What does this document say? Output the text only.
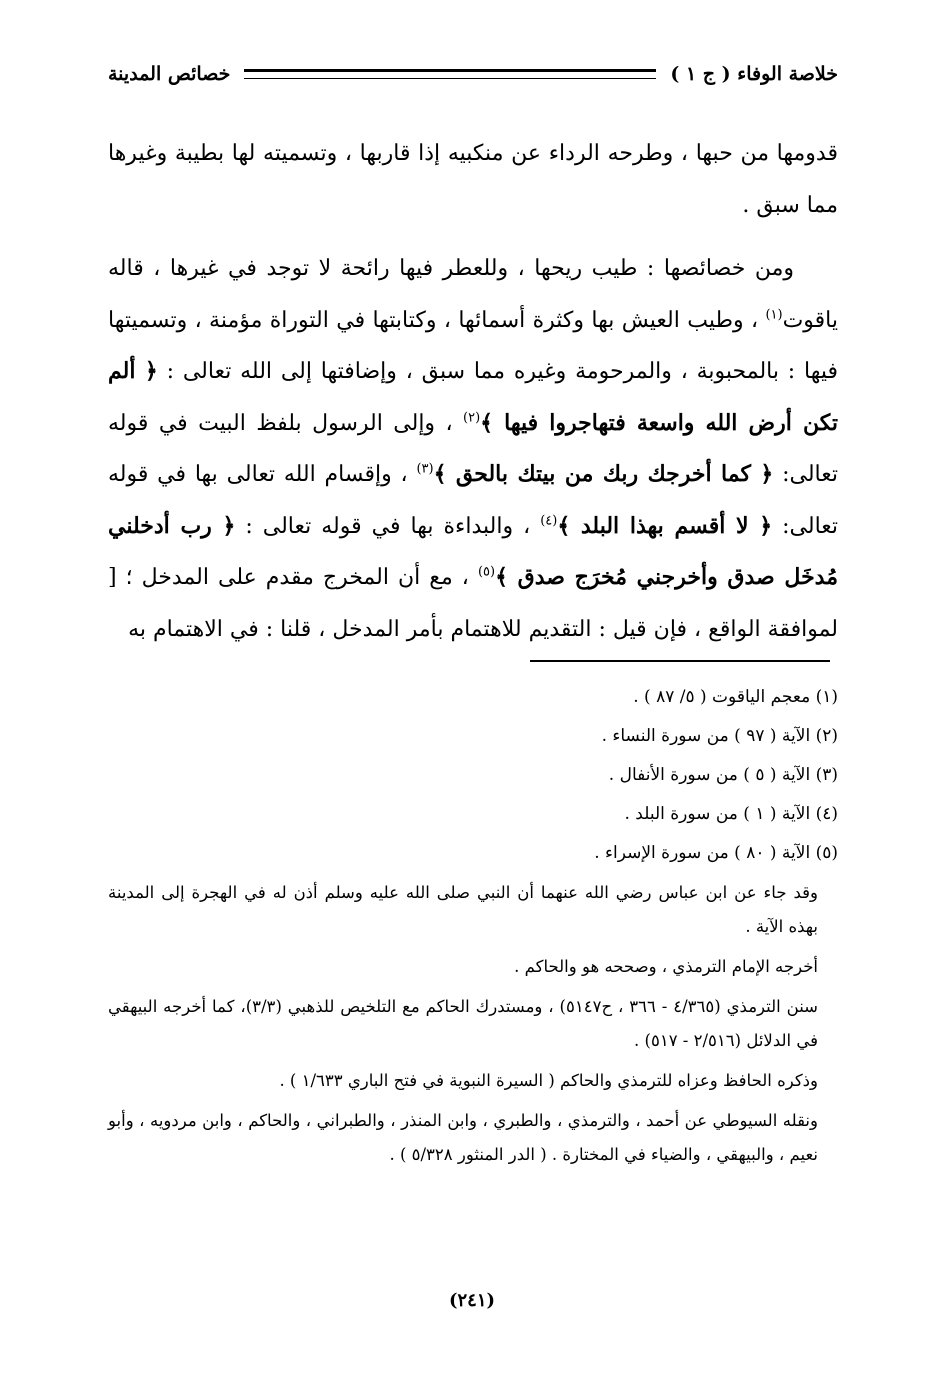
خلاصة الوفاء ( ج ١ )
خصائص المدينة

قدومها من حبها ، وطرحه الرداء عن منكبيه إذا قاربها ، وتسميته لها بطيبة وغيرها مما سبق .

ومن خصائصها : طيب ريحها ، وللعطر فيها رائحة لا توجد في غيرها ، قاله ياقوت$^{(١)}$ ، وطيب العيش بها وكثرة أسمائها ، وكتابتها في التوراة مؤمنة ، وتسميتها فيها : بالمحبوبة ، والمرحومة وغيره مما سبق ، وإضافتها إلى الله تعالى : ﴿ ألم تكن أرض الله واسعة فتهاجروا فيها ﴾$^{(٢)}$ ، وإلى الرسول بلفظ البيت في قوله تعالى: ﴿ كما أخرجك ربك من بيتك بالحق ﴾$^{(٣)}$ ، وإقسام الله تعالى بها في قوله تعالى: ﴿ لا أقسم بهذا البلد ﴾$^{(٤)}$ ، والبداءة بها في قوله تعالى : ﴿ رب أدخلني مُدخَل صدق وأخرجني مُخرَج صدق ﴾$^{(٥)}$ ، مع أن المخرج مقدم على المدخل ؛ [ لموافقة الواقع ، فإن قيل : التقديم للاهتمام بأمر المدخل ، قلنا : في الاهتمام به

(١) معجم الياقوت ( ٥/ ٨٧ ) .

(٢) الآية ( ٩٧ ) من سورة النساء .

(٣) الآية ( ٥ ) من سورة الأنفال .

(٤) الآية ( ١ ) من سورة البلد .

(٥) الآية ( ٨٠ ) من سورة الإسراء .

وقد جاء عن ابن عباس رضي الله عنهما أن النبي صلى الله عليه وسلم أذن له في الهجرة إلى المدينة بهذه الآية .

أخرجه الإمام الترمذي ، وصححه هو والحاكم .

سنن الترمذي (٤/٣٦٥ - ٣٦٦ ، ح٥١٤٧) ، ومستدرك الحاكم مع التلخيص للذهبي (٣/٣)، كما أخرجه البيهقي في الدلائل (٢/٥١٦ - ٥١٧) .

وذكره الحافظ وعزاه للترمذي والحاكم ( السيرة النبوية في فتح الباري ١/٦٣٣ ) .

ونقله السيوطي عن أحمد ، والترمذي ، والطبري ، وابن المنذر ، والطبراني ، والحاكم ، وابن مردويه ، وأبو نعيم ، والبيهقي ، والضياء في المختارة . ( الدر المنثور ٥/٣٢٨ ) .

(٢٤١)
